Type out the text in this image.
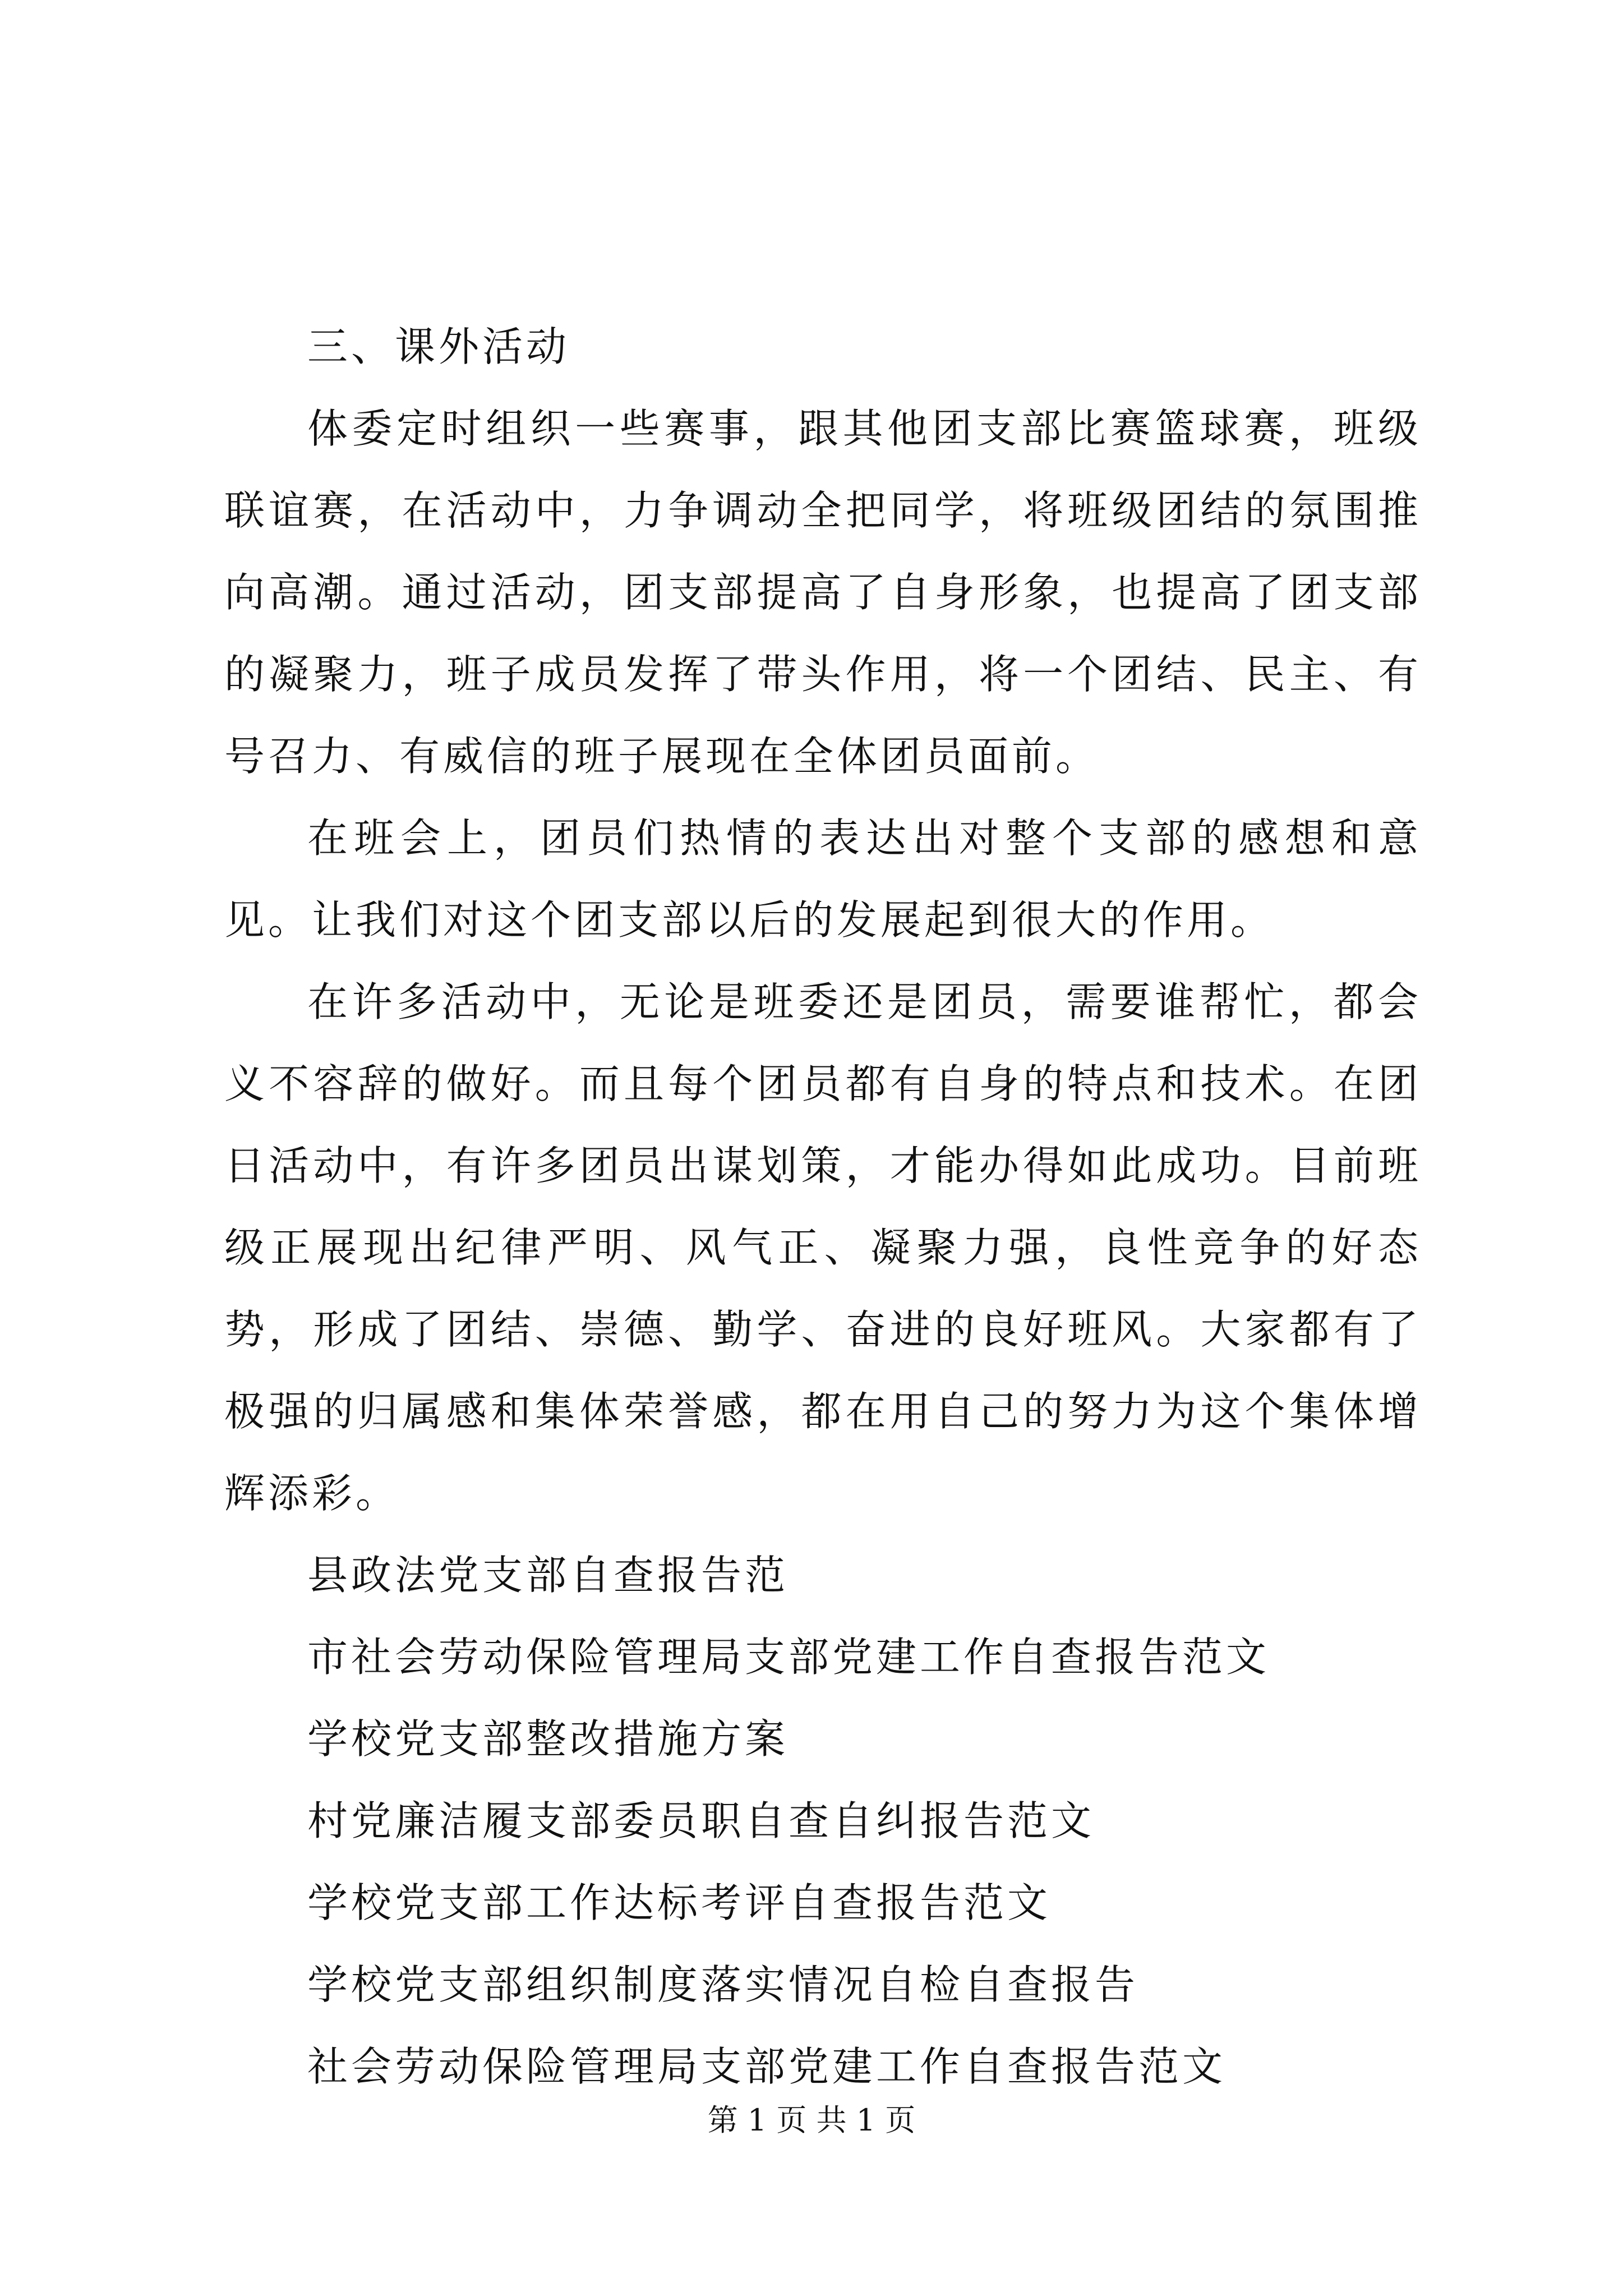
三、课外活动

体委定时组织一些赛事，跟其他团支部比赛篮球赛，班级联谊赛，在活动中，力争调动全把同学，将班级团结的氛围推向高潮。通过活动，团支部提高了自身形象，也提高了团支部的凝聚力，班子成员发挥了带头作用，将一个团结、民主、有号召力、有威信的班子展现在全体团员面前。

在班会上，团员们热情的表达出对整个支部的感想和意见。让我们对这个团支部以后的发展起到很大的作用。

在许多活动中，无论是班委还是团员，需要谁帮忙，都会义不容辞的做好。而且每个团员都有自身的特点和技术。在团日活动中，有许多团员出谋划策，才能办得如此成功。目前班级正展现出纪律严明、风气正、凝聚力强，良性竞争的好态势，形成了团结、崇德、勤学、奋进的良好班风。大家都有了极强的归属感和集体荣誉感，都在用自己的努力为这个集体增辉添彩。

县政法党支部自查报告范
市社会劳动保险管理局支部党建工作自查报告范文
学校党支部整改措施方案
村党廉洁履支部委员职自查自纠报告范文
学校党支部工作达标考评自查报告范文
学校党支部组织制度落实情况自检自查报告
社会劳动保险管理局支部党建工作自查报告范文
第 1 页 共 1 页
